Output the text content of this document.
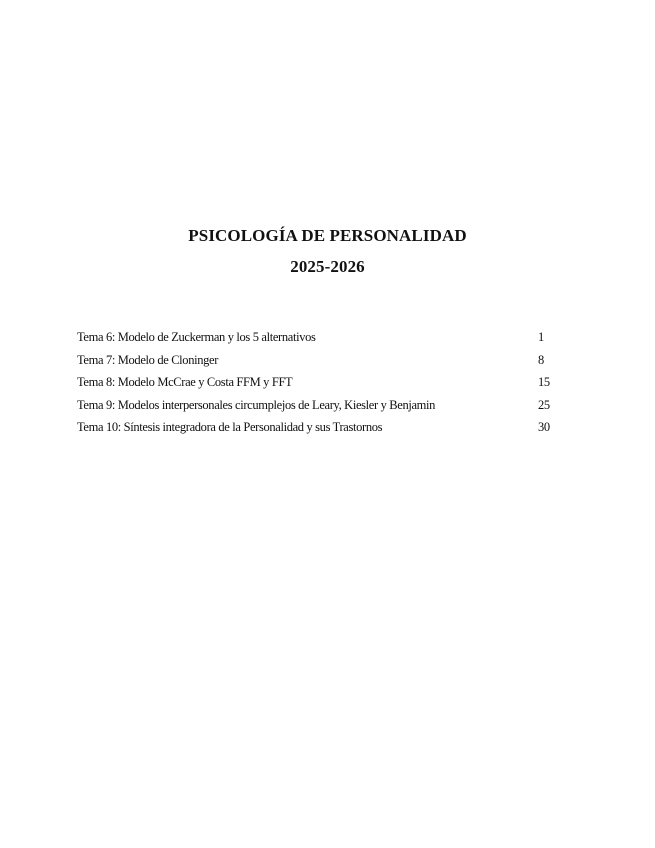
PSICOLOGÍA DE PERSONALIDAD
2025-2026
Tema 6: Modelo de Zuckerman y los 5 alternativos	1
Tema 7: Modelo de Cloninger	8
Tema 8: Modelo McCrae y Costa FFM y FFT	15
Tema 9: Modelos interpersonales circumplejos de Leary, Kiesler y Benjamin	25
Tema 10: Síntesis integradora de la Personalidad y sus Trastornos	30
